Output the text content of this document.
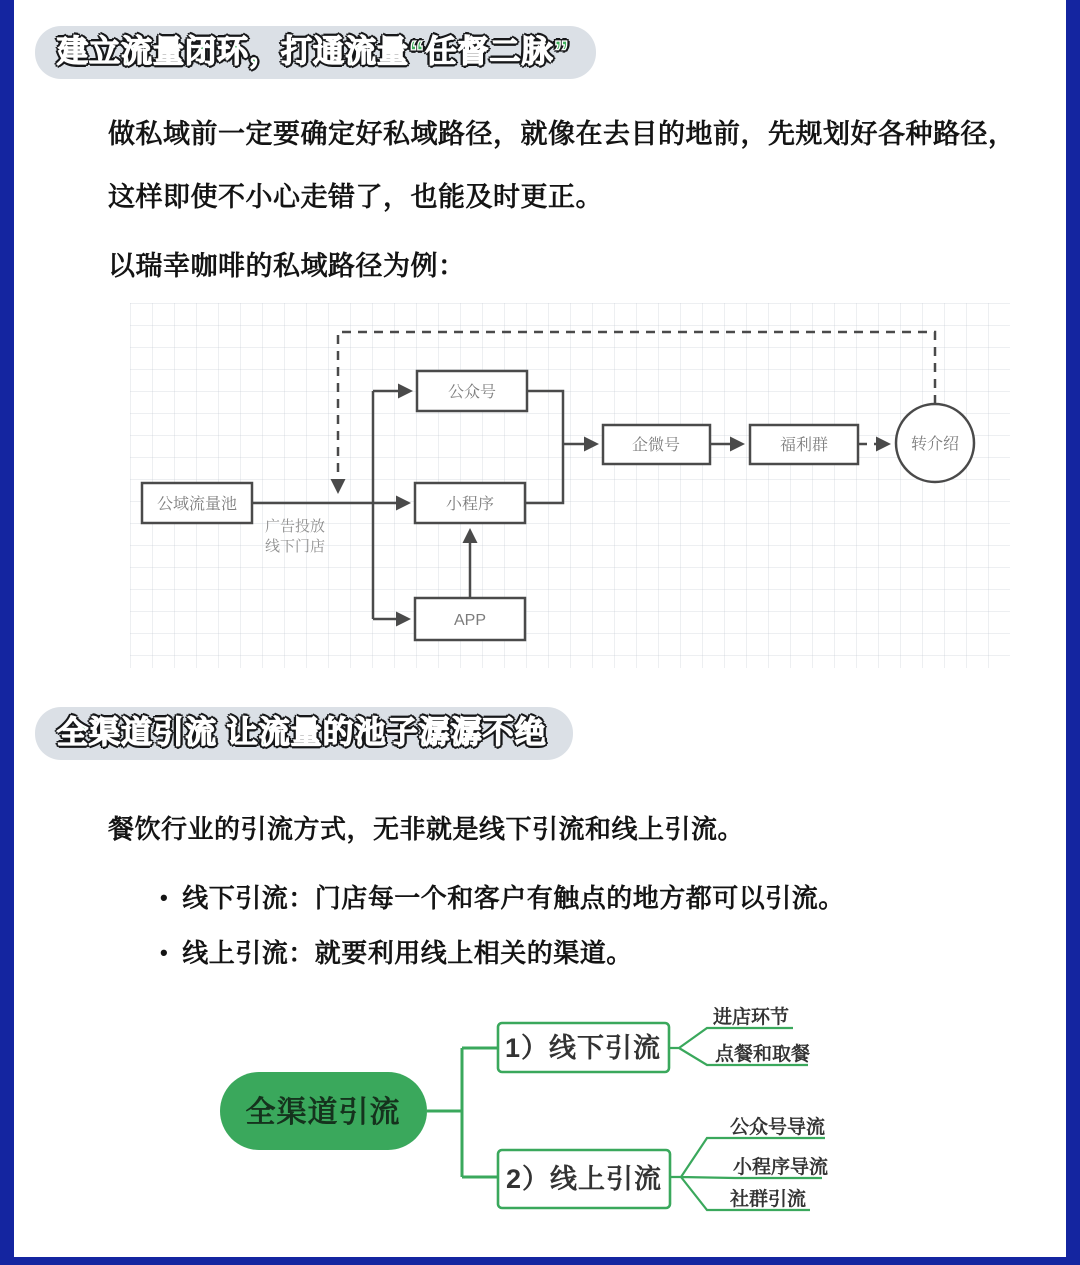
建立流量闭环，打通流量“任督二脉”

做私域前一定要确定好私域路径，就像在去目的地前，先规划好各种路径，这样即使不小心走错了，也能及时更正。

以瑞幸咖啡的私域路径为例：

公域流量池
公众号
小程序
APP
企微号	福利群	转介绍
广告投放
线下门店
全渠道引流 让流量的池子潺潺不绝

餐饮行业的引流方式，无非就是线下引流和线上引流。

• 线下引流：门店每一个和客户有触点的地方都可以引流。
• 线上引流：就要利用线上相关的渠道。
全渠道引流
1）线下引流
2）线上引流
进店环节
点餐和取餐
公众号导流
小程序导流
社群引流
